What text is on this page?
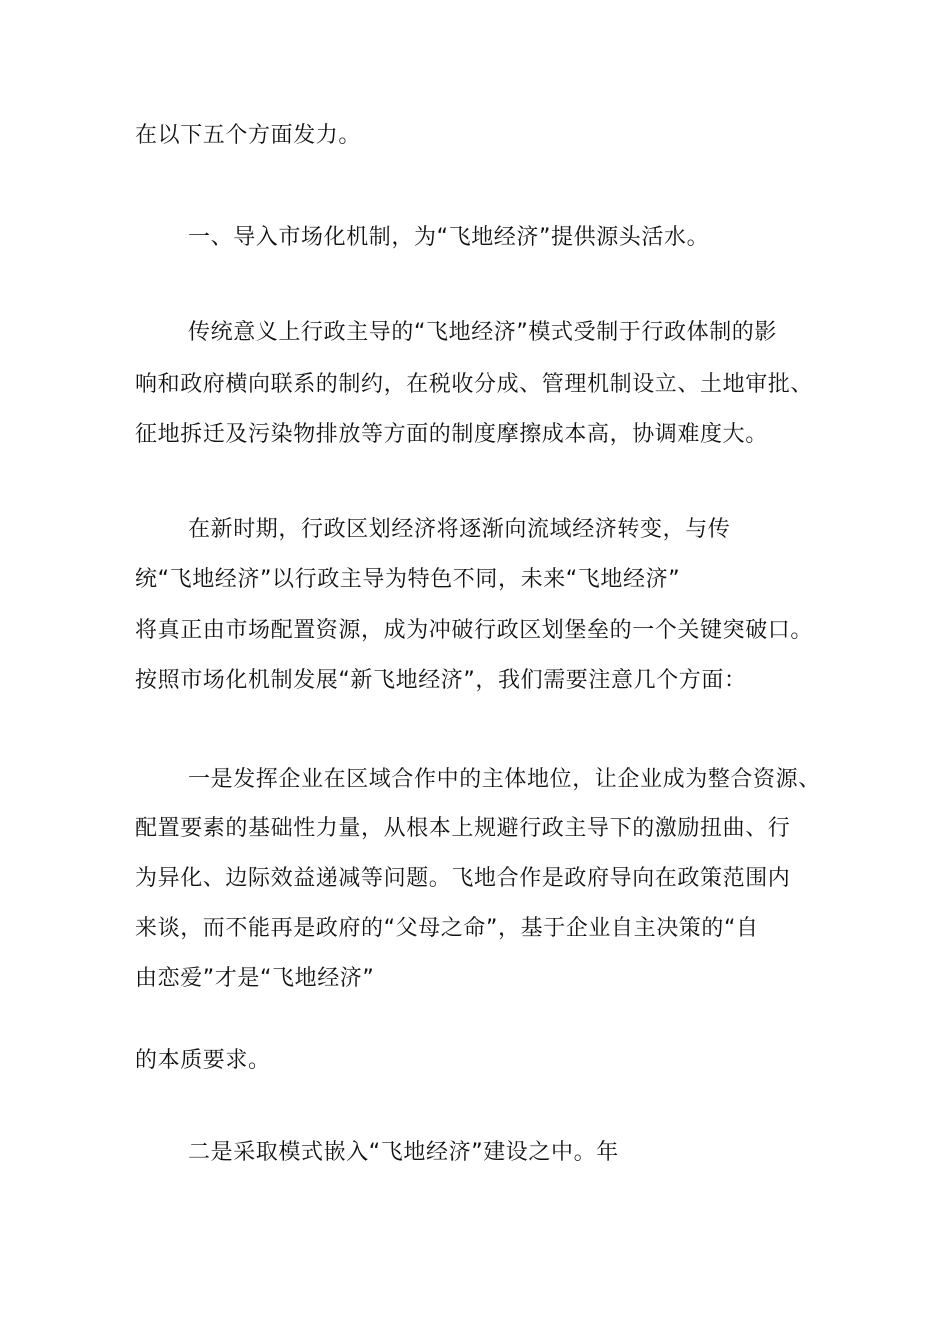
在以下五个方面发力。
一、导入市场化机制，为“飞地经济”提供源头活水。
传统意义上行政主导的“飞地经济”模式受制于行政体制的影
响和政府横向联系的制约，在税收分成、管理机制设立、土地审批、
征地拆迁及污染物排放等方面的制度摩擦成本高，协调难度大。
在新时期，行政区划经济将逐渐向流域经济转变，与传
统“飞地经济”以行政主导为特色不同，未来“飞地经济”
将真正由市场配置资源，成为冲破行政区划堡垒的一个关键突破口。
按照市场化机制发展“新飞地经济”，我们需要注意几个方面：
一是发挥企业在区域合作中的主体地位，让企业成为整合资源、
配置要素的基础性力量，从根本上规避行政主导下的激励扭曲、行
为异化、边际效益递减等问题。飞地合作是政府导向在政策范围内
来谈，而不能再是政府的“父母之命”，基于企业自主决策的“自
由恋爱”才是“飞地经济”
的本质要求。
二是采取模式嵌入“飞地经济”建设之中。年
